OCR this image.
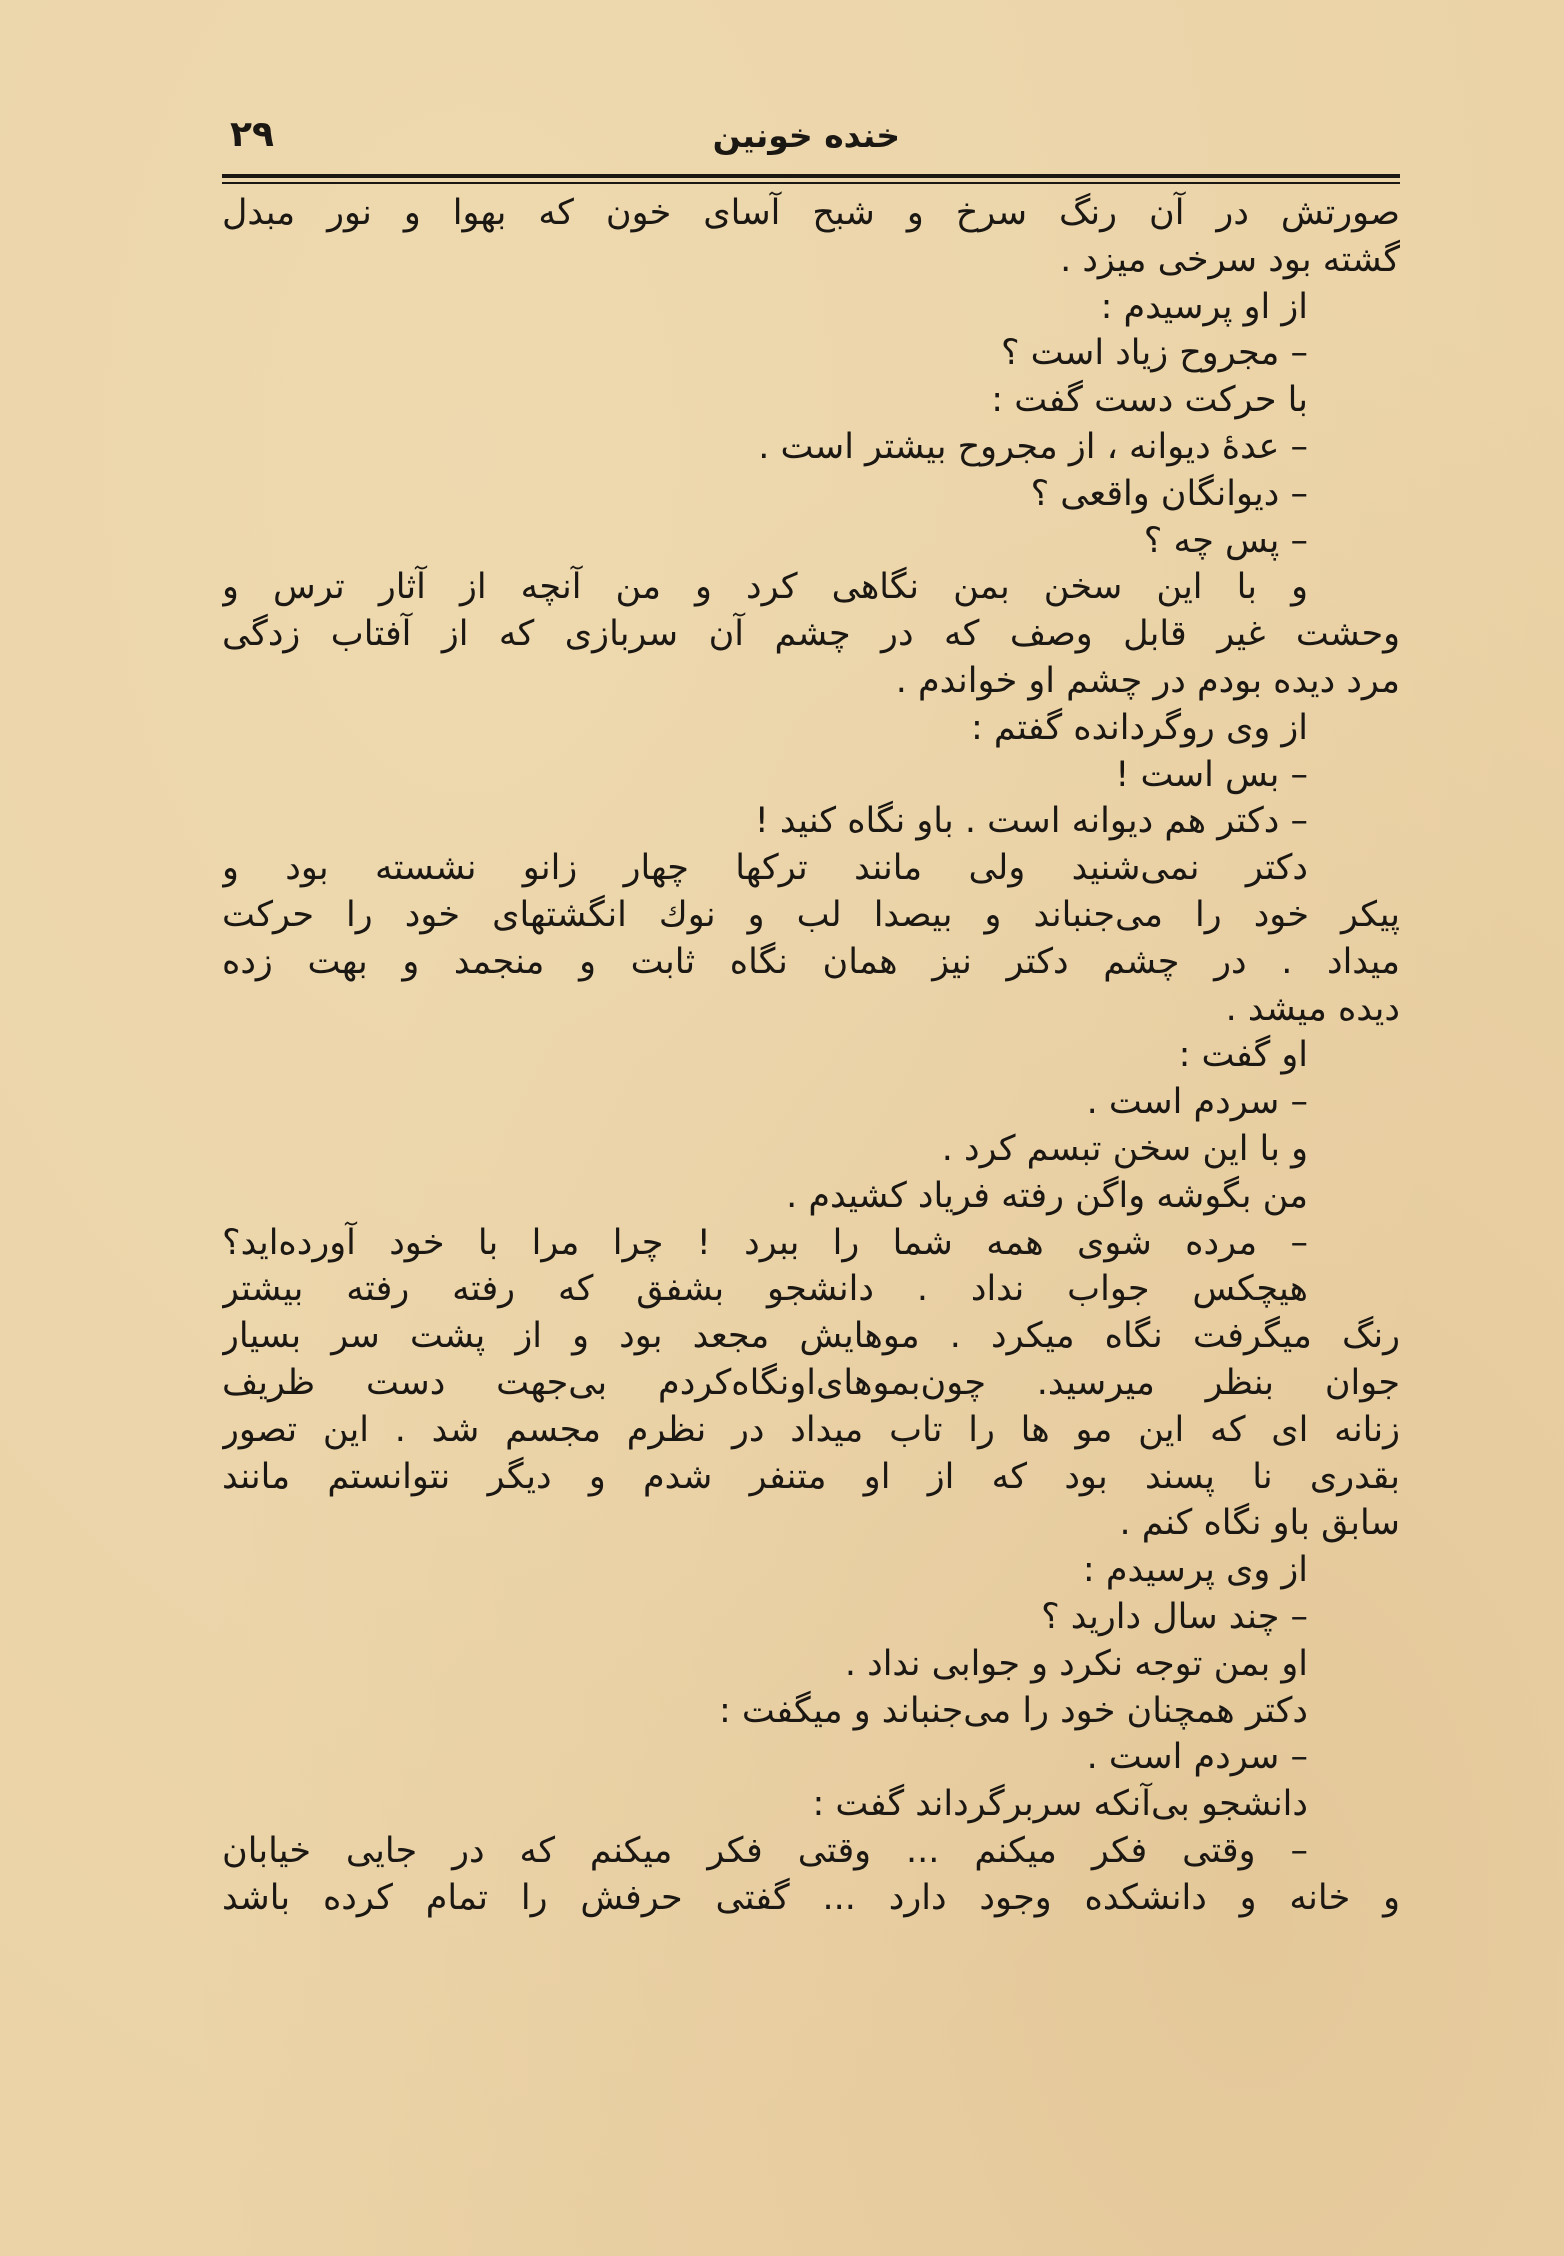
خنده خونین
۲۹
صورتش در آن رنگ سرخ و شبح آسای خون که بهوا و نور مبدل
گشته بود سرخی میزد .
از او پرسیدم :
– مجروح زیاد است ؟
با حرکت دست گفت :
– عدهٔ دیوانه ، از مجروح بیشتر است .
– دیوانگان واقعی ؟
– پس چه ؟
و با این سخن بمن نگاهی کرد و من آنچه از آثار ترس و
وحشت غیر قابل وصف که در چشم آن سربازی که از آفتاب زدگی
مرد دیده بودم در چشم او خواندم .
از وی روگردانده گفتم :
– بس است !
– دکتر هم دیوانه است . باو نگاه کنید !
دکتر نمی‌شنید ولی مانند ترکها چهار زانو نشسته بود و
پیکر خود را می‌جنباند و بیصدا لب و نوك انگشتهای خود را حرکت
میداد . در چشم دکتر نیز همان نگاه ثابت و منجمد و بهت زده
دیده میشد .
او گفت :
– سردم است .
و با این سخن تبسم کرد .
من بگوشه واگن رفته فریاد کشیدم .
– مرده شوی همه شما را ببرد ! چرا مرا با خود آورده‌اید؟
هیچکس جواب نداد . دانشجو بشفق که رفته رفته بیشتر
رنگ میگرفت نگاه میکرد . موهایش مجعد بود و از پشت سر بسیار
جوان بنظر میرسید. چون‌بموهای‌اونگاه‌کردم بی‌جهت دست ظریف
زنانه ای که این مو ها را تاب میداد در نظرم مجسم شد . این تصور
بقدری نا پسند بود که از او متنفر شدم و دیگر نتوانستم مانند
سابق باو نگاه کنم .
از وی پرسیدم :
– چند سال دارید ؟
او بمن توجه نکرد و جوابی نداد .
دکتر همچنان خود را می‌جنباند و میگفت :
– سردم است .
دانشجو بی‌آنکه سربرگرداند گفت :
– وقتی فکر میکنم ... وقتی فکر میکنم که در جایی خیابان
و خانه و دانشکده وجود دارد ... گفتی حرفش را تمام کرده باشد
